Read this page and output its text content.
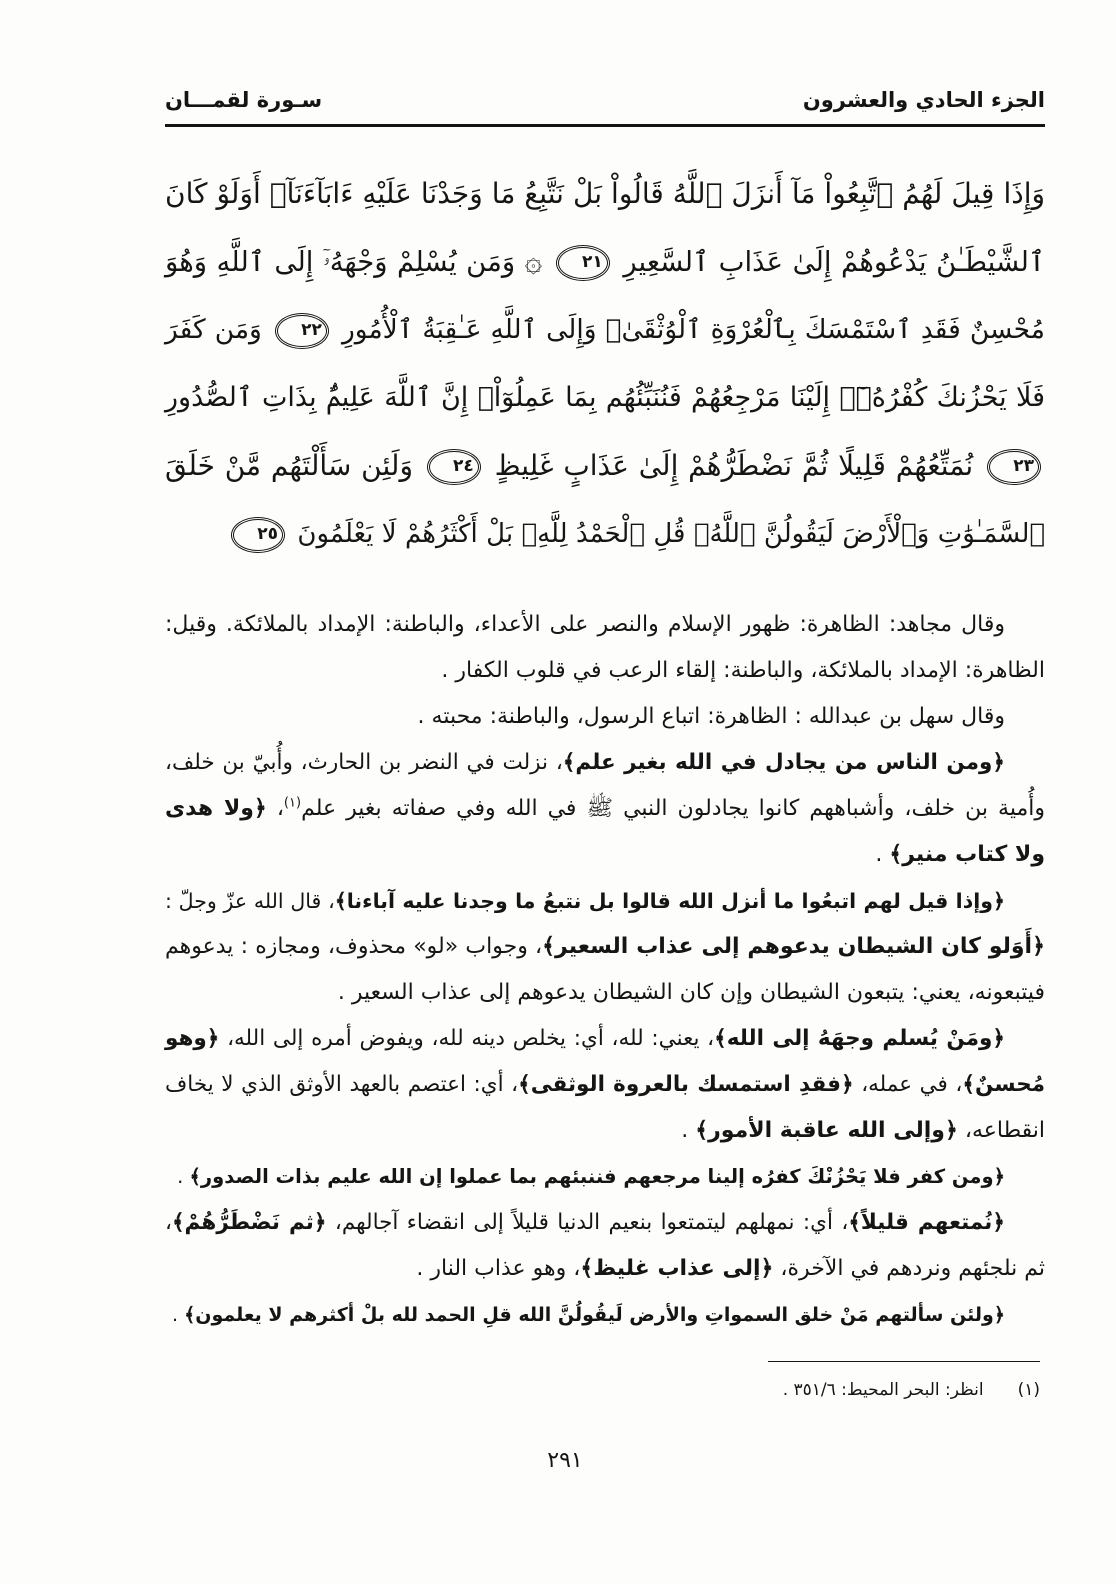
الجزء الحادي والعشرون
سـورة لقمـــان
وَإِذَا قِيلَ لَهُمُ ٱتَّبِعُواْ مَآ أَنزَلَ ٱللَّهُ قَالُواْ بَلْ نَتَّبِعُ مَا وَجَدْنَا عَلَيْهِ ءَابَآءَنَآۚ أَوَلَوْ كَانَ
ٱلشَّيْطَـٰنُ يَدْعُوهُمْ إِلَىٰ عَذَابِ ٱلسَّعِيرِ ٢١ ۞ وَمَن يُسْلِمْ وَجْهَهُۥٓ إِلَى ٱللَّهِ وَهُوَ
مُحْسِنٌ فَقَدِ ٱسْتَمْسَكَ بِٱلْعُرْوَةِ ٱلْوُثْقَىٰۗ وَإِلَى ٱللَّهِ عَـٰقِبَةُ ٱلْأُمُورِ ٢٢ وَمَن كَفَرَ
فَلَا يَحْزُنكَ كُفْرُهُۥٓۚ إِلَيْنَا مَرْجِعُهُمْ فَنُنَبِّئُهُم بِمَا عَمِلُوٓاْۚ إِنَّ ٱللَّهَ عَلِيمٌۢ بِذَاتِ ٱلصُّدُورِ
٢٣ نُمَتِّعُهُمْ قَلِيلًا ثُمَّ نَضْطَرُّهُمْ إِلَىٰ عَذَابٍ غَلِيظٍ ٢٤ وَلَئِن سَأَلْتَهُم مَّنْ خَلَقَ
ٱلسَّمَـٰوَٰتِ وَٱلْأَرْضَ لَيَقُولُنَّ ٱللَّهُۚ قُلِ ٱلْحَمْدُ لِلَّهِۚ بَلْ أَكْثَرُهُمْ لَا يَعْلَمُونَ ٢٥
وقال مجاهد: الظاهرة: ظهور الإسلام والنصر على الأعداء، والباطنة: الإمداد بالملائكة. وقيل:
الظاهرة: الإمداد بالملائكة، والباطنة: إلقاء الرعب في قلوب الكفار .
وقال سهل بن عبدالله : الظاهرة: اتباع الرسول، والباطنة: محبته .
﴿ومن الناس من يجادل في الله بغير علم﴾، نزلت في النضر بن الحارث، وأُبيّ بن خلف،
وأُمية بن خلف، وأشباههم كانوا يجادلون النبي ﷺ في الله وفي صفاته بغير علم$^{(١)}$، ﴿ولا هدى
ولا كتاب منير﴾ .
﴿وإذا قيل لهم اتبعُوا ما أنزل الله قالوا بل نتبعُ ما وجدنا عليه آباءنا﴾، قال الله عزّ وجلّ :
﴿أَوَلو كان الشيطان يدعوهم إلى عذاب السعير﴾، وجواب «لو» محذوف، ومجازه : يدعوهم
فيتبعونه، يعني: يتبعون الشيطان وإن كان الشيطان يدعوهم إلى عذاب السعير .
﴿ومَنْ يُسلم وجهَهُ إلى الله﴾، يعني: لله، أي: يخلص دينه لله، ويفوض أمره إلى الله، ﴿وهو
مُحسنٌ﴾، في عمله، ﴿فقدِ استمسك بالعروة الوثقى﴾، أي: اعتصم بالعهد الأوثق الذي لا يخاف
انقطاعه، ﴿وإلى الله عاقبة الأمور﴾ .
﴿ومن كفر فلا يَحْزُنْكَ كفرُه إلينا مرجعهم فننبئهم بما عملوا إن الله عليم بذات الصدور﴾ .
﴿نُمتعهم قليلاً﴾، أي: نمهلهم ليتمتعوا بنعيم الدنيا قليلاً إلى انقضاء آجالهم، ﴿ثم نَضْطَرُّهُمْ﴾،
ثم نلجئهم ونردهم في الآخرة، ﴿إلى عذاب غليظ﴾، وهو عذاب النار .
﴿ولئن سألتهم مَنْ خلق السمواتِ والأرض لَيقُولُنَّ الله قلِ الحمد لله بلْ أكثرهم لا يعلمون﴾ .
(١)انظر: البحر المحيط: ٣٥١/٦ .
٢٩١
